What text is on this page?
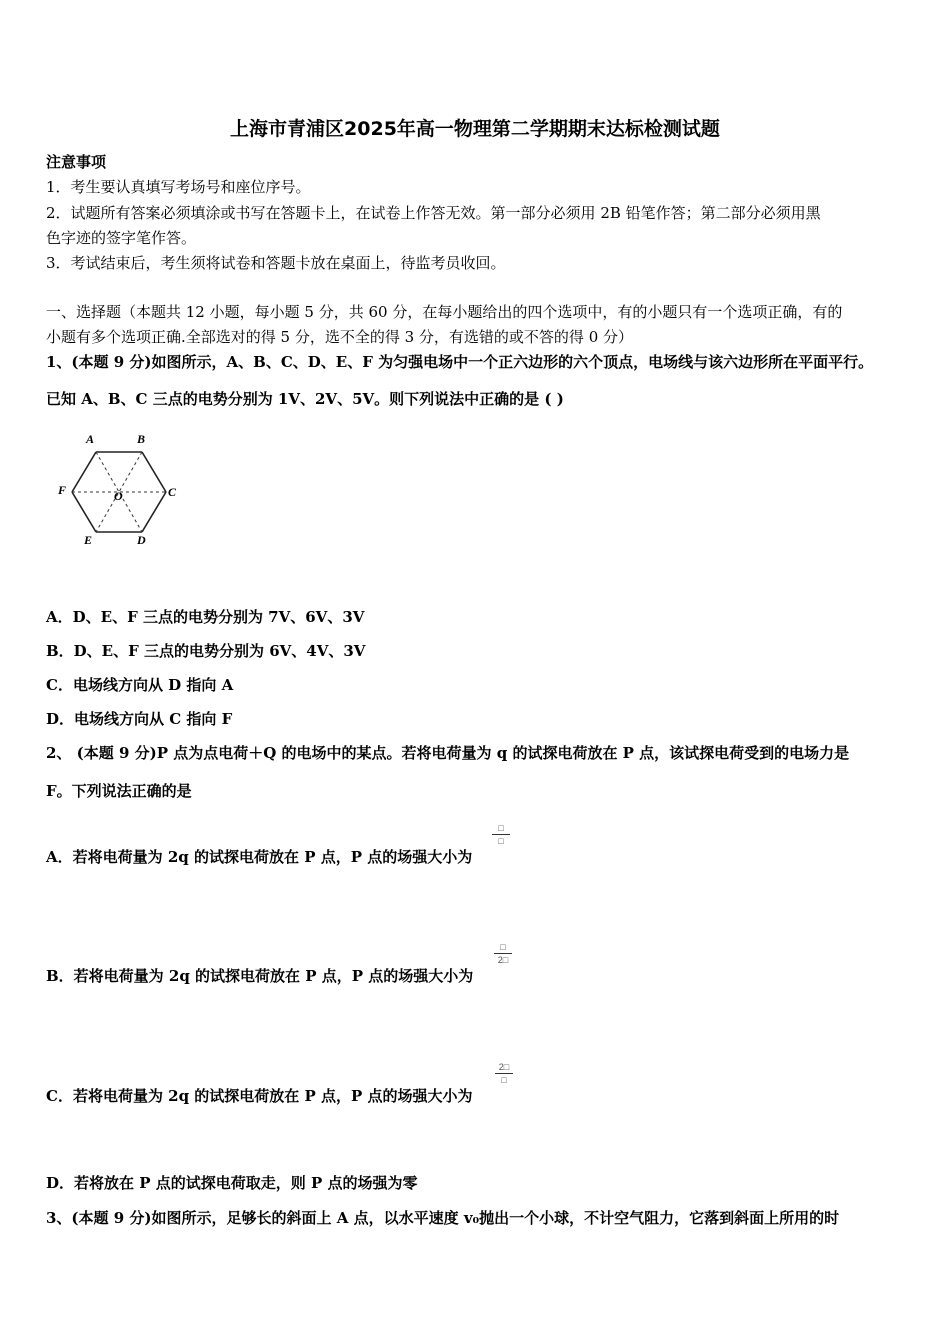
上海市青浦区2025年高一物理第二学期期末达标检测试题
注意事项
1．考生要认真填写考场号和座位序号。
2．试题所有答案必须填涂或书写在答题卡上，在试卷上作答无效。第一部分必须用 2B 铅笔作答；第二部分必须用黑
色字迹的签字笔作答。
3．考试结束后，考生须将试卷和答题卡放在桌面上，待监考员收回。
一、选择题（本题共 12 小题，每小题 5 分，共 60 分，在每小题给出的四个选项中，有的小题只有一个选项正确，有的
小题有多个选项正确.全部选对的得 5 分，选不全的得 3 分，有选错的或不答的得 0 分）
1、(本题 9 分)如图所示，A、B、C、D、E、F 为匀强电场中一个正六边形的六个顶点，电场线与该六边形所在平面平行。
已知 A、B、C 三点的电势分别为 1V、2V、5V。则下列说法中正确的是 ( )
A	B
C
D
E
F	O
A．D、E、F 三点的电势分别为 7V、6V、3V
B．D、E、F 三点的电势分别为 6V、4V、3V
C．电场线方向从 D 指向 A
D．电场线方向从 C 指向 F
2、 (本题 9 分)P 点为点电荷＋Q 的电场中的某点。若将电荷量为 q 的试探电荷放在 P 点，该试探电荷受到的电场力是
F。下列说法正确的是
A．若将电荷量为 2q 的试探电荷放在 P 点，P 点的场强大小为
□
□
B．若将电荷量为 2q 的试探电荷放在 P 点，P 点的场强大小为
□
2□
C．若将电荷量为 2q 的试探电荷放在 P 点，P 点的场强大小为
2□
□
D．若将放在 P 点的试探电荷取走，则 P 点的场强为零
3、(本题 9 分)如图所示，足够长的斜面上 A 点，以水平速度 v₀抛出一个小球，不计空气阻力，它落到斜面上所用的时
